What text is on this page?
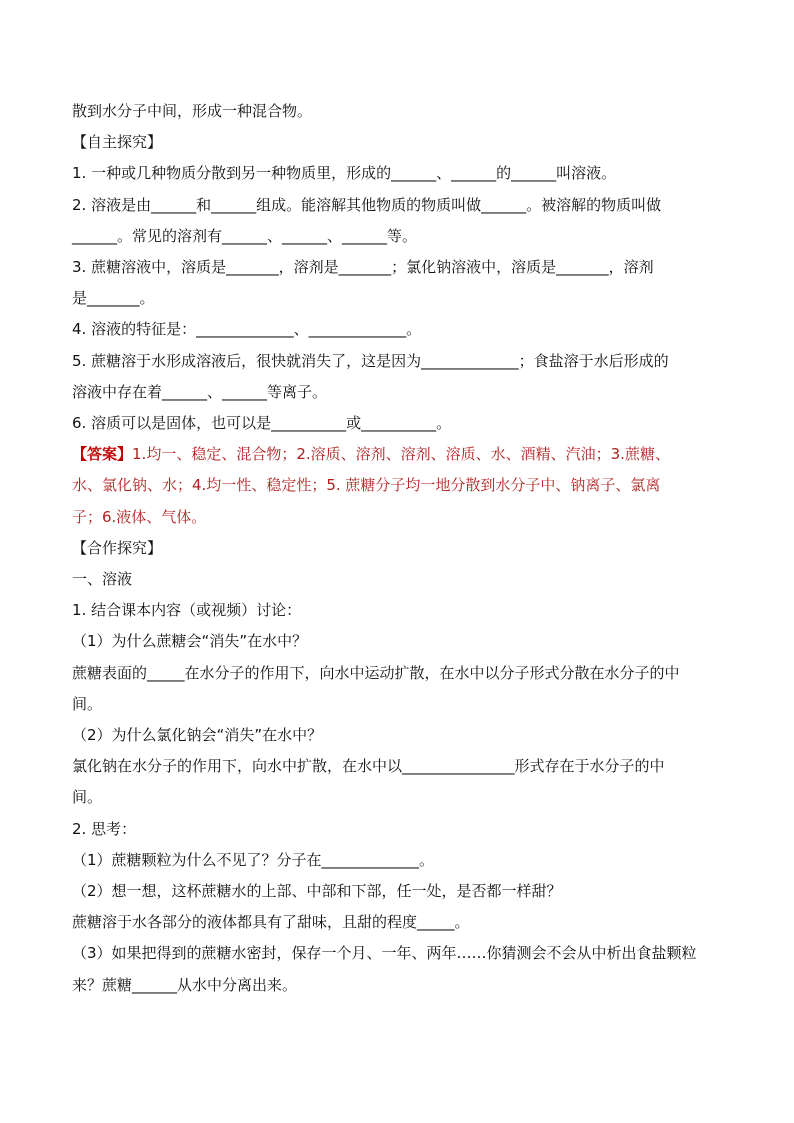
散到水分子中间，形成一种混合物。
【自主探究】
1. 一种或几种物质分散到另一种物质里，形成的______、______的______叫溶液。
2. 溶液是由______和______组成。能溶解其他物质的物质叫做______。被溶解的物质叫做
______。常见的溶剂有______、______、______等。
3. 蔗糖溶液中，溶质是_______，溶剂是_______；氯化钠溶液中，溶质是_______，溶剂
是_______。
4. 溶液的特征是：_____________、_____________。
5. 蔗糖溶于水形成溶液后，很快就消失了，这是因为_____________；食盐溶于水后形成的
溶液中存在着______、______等离子。
6. 溶质可以是固体，也可以是__________或__________。
【答案】1.均一、稳定、混合物；2.溶质、溶剂、溶剂、溶质、水、酒精、汽油；3.蔗糖、
水、氯化钠、水；4.均一性、稳定性；5. 蔗糖分子均一地分散到水分子中、钠离子、氯离
子；6.液体、气体。
【合作探究】
一、溶液
1. 结合课本内容（或视频）讨论：
（1）为什么蔗糖会“消失”在水中？
蔗糖表面的_____在水分子的作用下，向水中运动扩散，在水中以分子形式分散在水分子的中
间。
（2）为什么氯化钠会“消失”在水中？
氯化钠在水分子的作用下，向水中扩散，在水中以_______________形式存在于水分子的中
间。
2. 思考：
（1）蔗糖颗粒为什么不见了？分子在_____________。
（2）想一想，这杯蔗糖水的上部、中部和下部，任一处，是否都一样甜？
蔗糖溶于水各部分的液体都具有了甜味，且甜的程度_____。
（3）如果把得到的蔗糖水密封，保存一个月、一年、两年……你猜测会不会从中析出食盐颗粒
来？蔗糖______从水中分离出来。
